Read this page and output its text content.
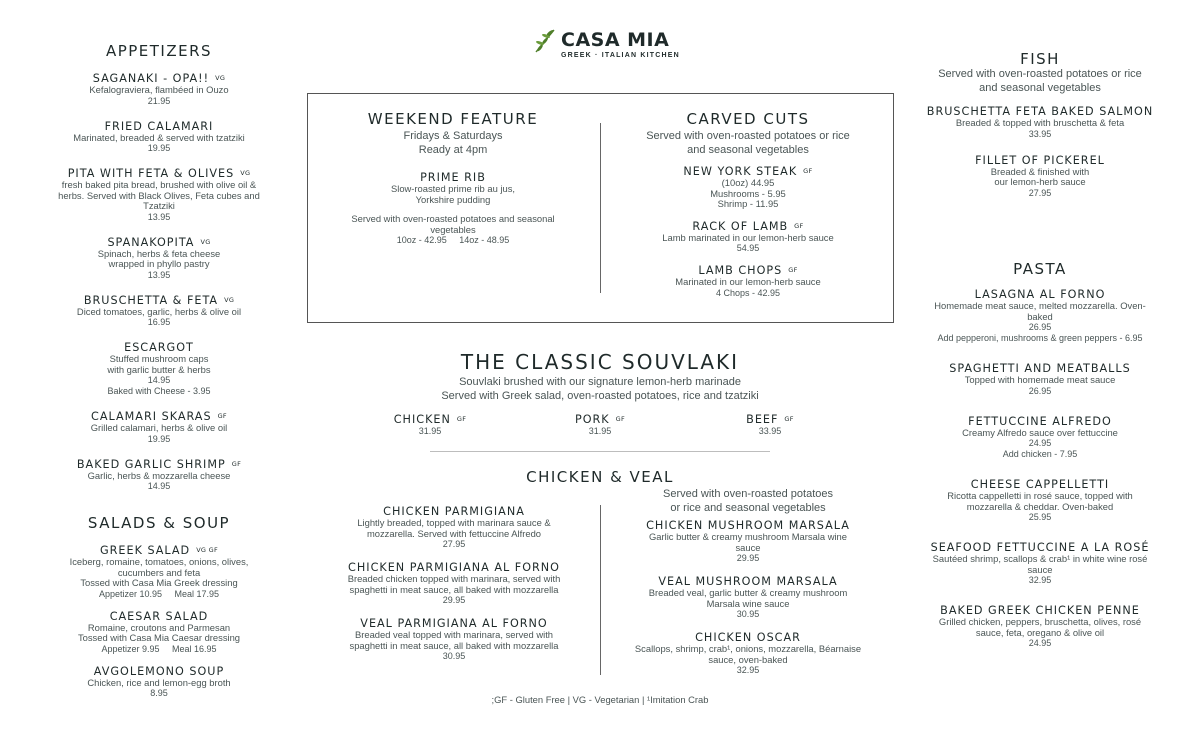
CASA MIA
GREEK · ITALIAN KITCHEN
APPETIZERS
SAGANAKI - OPA!! $^{VG}$
Kefalograviera, flambéed in Ouzo
21.95
FRIED CALAMARI
Marinated, breaded & served with tzatziki
19.95
PITA WITH FETA & OLIVES $^{VG}$
fresh baked pita bread, brushed with olive oil &
herbs. Served with Black Olives, Feta cubes and
Tzatziki
13.95
SPANAKOPITA $^{VG}$
Spinach, herbs & feta cheese
wrapped in phyllo pastry
13.95
BRUSCHETTA & FETA $^{VG}$
Diced tomatoes, garlic, herbs & olive oil
16.95
ESCARGOT
Stuffed mushroom caps
with garlic butter & herbs
14.95
Baked with Cheese - 3.95
CALAMARI SKARAS $^{GF}$
Grilled calamari, herbs & olive oil
19.95
BAKED GARLIC SHRIMP $^{GF}$
Garlic, herbs & mozzarella cheese
14.95
SALADS & SOUP
GREEK SALAD $^{VG GF}$
Iceberg, romaine, tomatoes, onions, olives,
cucumbers and feta
Tossed with Casa Mia Greek dressing
Appetizer 10.95     Meal 17.95
CAESAR SALAD
Romaine, croutons and Parmesan
Tossed with Casa Mia Caesar dressing
Appetizer 9.95     Meal 16.95
AVGOLEMONO SOUP
Chicken, rice and lemon-egg broth
8.95
WEEKEND FEATURE
Fridays & Saturdays
Ready at 4pm
PRIME RIB
Slow-roasted prime rib au jus,
Yorkshire pudding
Served with oven-roasted potatoes and seasonal
vegetables
10oz - 42.95     14oz - 48.95
CARVED CUTS
Served with oven-roasted potatoes or rice
and seasonal vegetables
NEW YORK STEAK $^{GF}$
(10oz) 44.95
Mushrooms - 5.95
Shrimp - 11.95
RACK OF LAMB $^{GF}$
Lamb marinated in our lemon-herb sauce
54.95
LAMB CHOPS $^{GF}$
Marinated in our lemon-herb sauce
4 Chops - 42.95
THE CLASSIC SOUVLAKI
Souvlaki brushed with our signature lemon-herb marinade
Served with Greek salad, oven-roasted potatoes, rice and tzatziki
CHICKEN $^{GF}$
31.95
PORK $^{GF}$
31.95
BEEF $^{GF}$
33.95
CHICKEN & VEAL
CHICKEN PARMIGIANA
Lightly breaded, topped with marinara sauce &
mozzarella. Served with fettuccine Alfredo
27.95
CHICKEN PARMIGIANA AL FORNO
Breaded chicken topped with marinara, served with
spaghetti in meat sauce, all baked with mozzarella
29.95
VEAL PARMIGIANA AL FORNO
Breaded veal topped with marinara, served with
spaghetti in meat sauce, all baked with mozzarella
30.95
Served with oven-roasted potatoes
or rice and seasonal vegetables
CHICKEN MUSHROOM MARSALA
Garlic butter & creamy mushroom Marsala wine
sauce
29.95
VEAL MUSHROOM MARSALA
Breaded veal, garlic butter & creamy mushroom
Marsala wine sauce
30.95
CHICKEN OSCAR
Scallops, shrimp, crab¹, onions, mozzarella, Béarnaise
sauce, oven-baked
32.95
FISH
Served with oven-roasted potatoes or rice
and seasonal vegetables
BRUSCHETTA FETA BAKED SALMON
Breaded & topped with bruschetta & feta
33.95
FILLET OF PICKEREL
Breaded & finished with
our lemon-herb sauce
27.95
PASTA
LASAGNA AL FORNO
Homemade meat sauce, melted mozzarella. Oven-
baked
26.95
Add pepperoni, mushrooms & green peppers - 6.95
SPAGHETTI AND MEATBALLS
Topped with homemade meat sauce
26.95
FETTUCCINE ALFREDO
Creamy Alfredo sauce over fettuccine
24.95
Add chicken - 7.95
CHEESE CAPPELLETTI
Ricotta cappelletti in rosé sauce, topped with
mozzarella & cheddar. Oven-baked
25.95
SEAFOOD FETTUCCINE A LA ROSÉ
Sautéed shrimp, scallops & crab¹ in white wine rosé
sauce
32.95
BAKED GREEK CHICKEN PENNE
Grilled chicken, peppers, bruschetta, olives, rosé
sauce, feta, oregano & olive oil
24.95
;GF - Gluten Free | VG - Vegetarian | ¹Imitation Crab
